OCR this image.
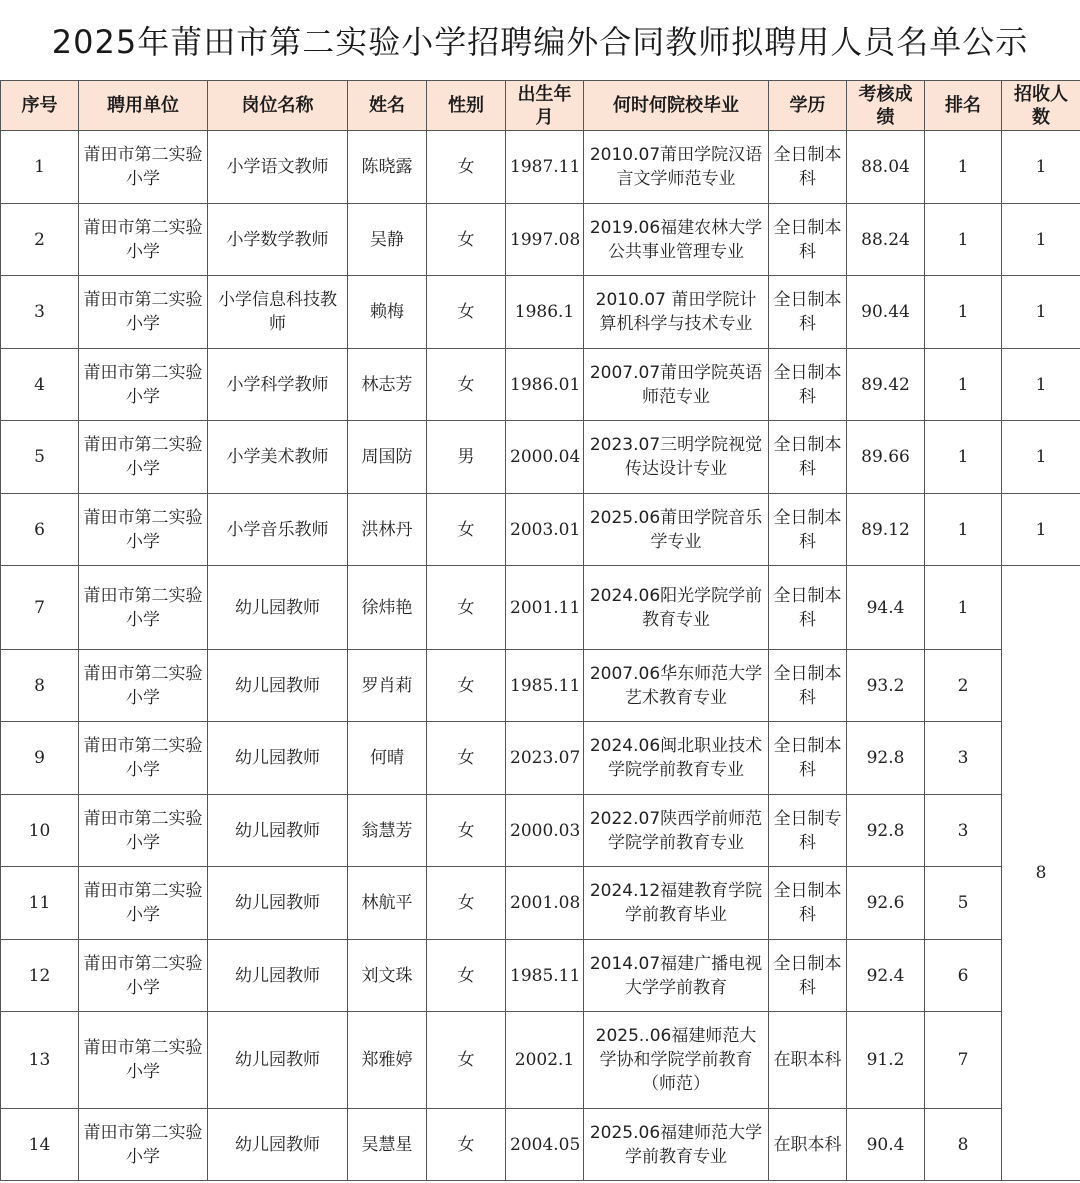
2025年莆田市第二实验小学招聘编外合同教师拟聘用人员名单公示
序号	聘用单位	岗位名称	姓名	性别	出生年月	何时何院校毕业	学历	考核成绩	排名	招收人数
1	莆田市第二实验小学	小学语文教师	陈晓露	女	1987.11	2010.07莆田学院汉语言文学师范专业	全日制本科	88.04	1	1
2	莆田市第二实验小学	小学数学教师	吴静	女	1997.08	2019.06福建农林大学公共事业管理专业	全日制本科	88.24	1	1
3	莆田市第二实验小学	小学信息科技教师	赖梅	女	1986.1	2010.07 莆田学院计算机科学与技术专业	全日制本科	90.44	1	1
4	莆田市第二实验小学	小学科学教师	林志芳	女	1986.01	2007.07莆田学院英语师范专业	全日制本科	89.42	1	1
5	莆田市第二实验小学	小学美术教师	周国防	男	2000.04	2023.07三明学院视觉传达设计专业	全日制本科	89.66	1	1
6	莆田市第二实验小学	小学音乐教师	洪林丹	女	2003.01	2025.06莆田学院音乐学专业	全日制本科	89.12	1	1
7	莆田市第二实验小学	幼儿园教师	徐炜艳	女	2001.11	2024.06阳光学院学前教育专业	全日制本科	94.4	1	8
8	莆田市第二实验小学	幼儿园教师	罗肖莉	女	1985.11	2007.06华东师范大学艺术教育专业	全日制本科	93.2	2	
9	莆田市第二实验小学	幼儿园教师	何晴	女	2023.07	2024.06闽北职业技术学院学前教育专业	全日制本科	92.8	3	
10	莆田市第二实验小学	幼儿园教师	翁慧芳	女	2000.03	2022.07陕西学前师范学院学前教育专业	全日制专科	92.8	3	
11	莆田市第二实验小学	幼儿园教师	林航平	女	2001.08	2024.12福建教育学院学前教育毕业	全日制本科	92.6	5	
12	莆田市第二实验小学	幼儿园教师	刘文珠	女	1985.11	2014.07福建广播电视大学学前教育	全日制本科	92.4	6	
13	莆田市第二实验小学	幼儿园教师	郑雅婷	女	2002.1	2025..06福建师范大学协和学院学前教育（师范）	在职本科	91.2	7	
14	莆田市第二实验小学	幼儿园教师	吴慧星	女	2004.05	2025.06福建师范大学学前教育专业	在职本科	90.4	8	
